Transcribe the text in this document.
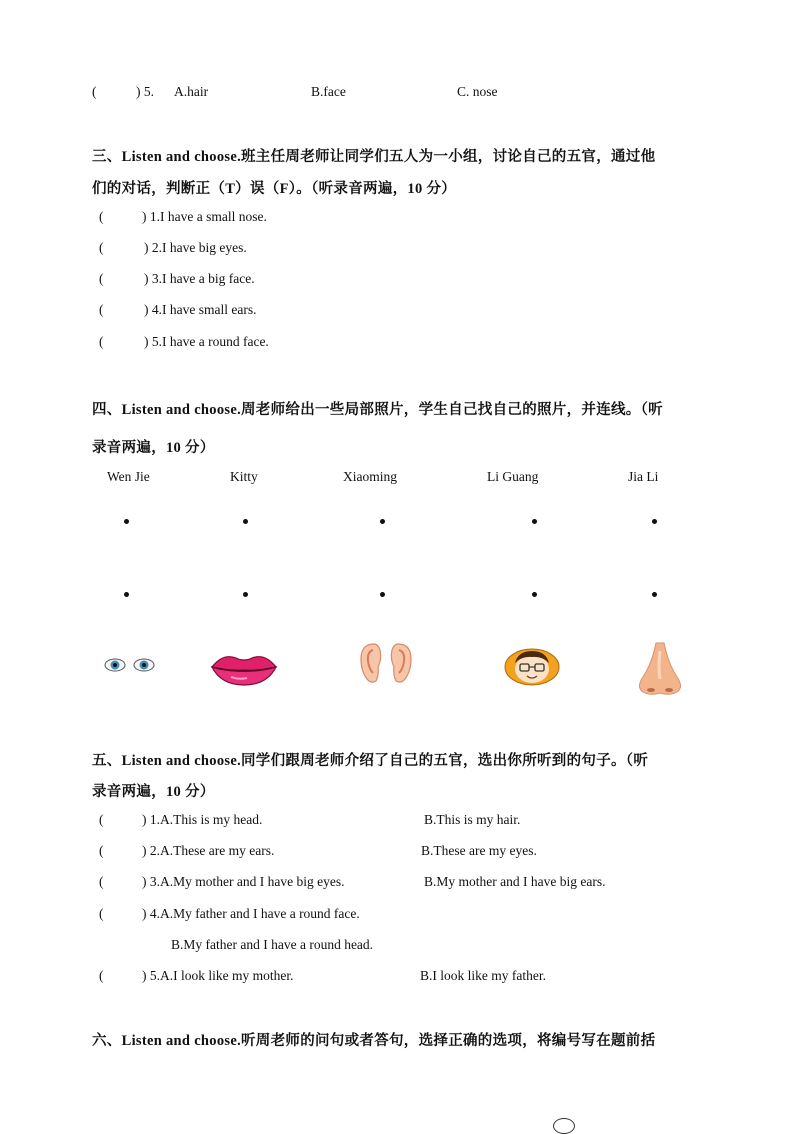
(	) 5. A.hair	B.face	C. nose
三、Listen and choose.班主任周老师让同学们五人为一小组，讨论自己的五官，通过他
们的对话，判断正（T）误（F）。（听录音两遍，10 分）
(	) 1.I have a small nose.
(	) 2.I have big eyes.
(	) 3.I have a big face.
(	) 4.I have small ears.
(	) 5.I have a round face.
四、Listen and choose.周老师给出一些局部照片，学生自己找自己的照片，并连线。（听
录音两遍，10 分）
Wen Jie	Kitty	Xiaoming	Li Guang	Jia Li
五、Listen and choose.同学们跟周老师介绍了自己的五官，选出你所听到的句子。（听
录音两遍，10 分）
(	) 1.A.This is my head.	B.This is my hair.
(	) 2.A.These are my ears.	B.These are my eyes.
(	) 3.A.My mother and I have big eyes.	B.My mother and I have big ears.
(	) 4.A.My father and I have a round face.
B.My father and I have a round head.
(	) 5.A.I look like my mother.	B.I look like my father.
六、Listen and choose.听周老师的问句或者答句，选择正确的选项，将编号写在题前括
